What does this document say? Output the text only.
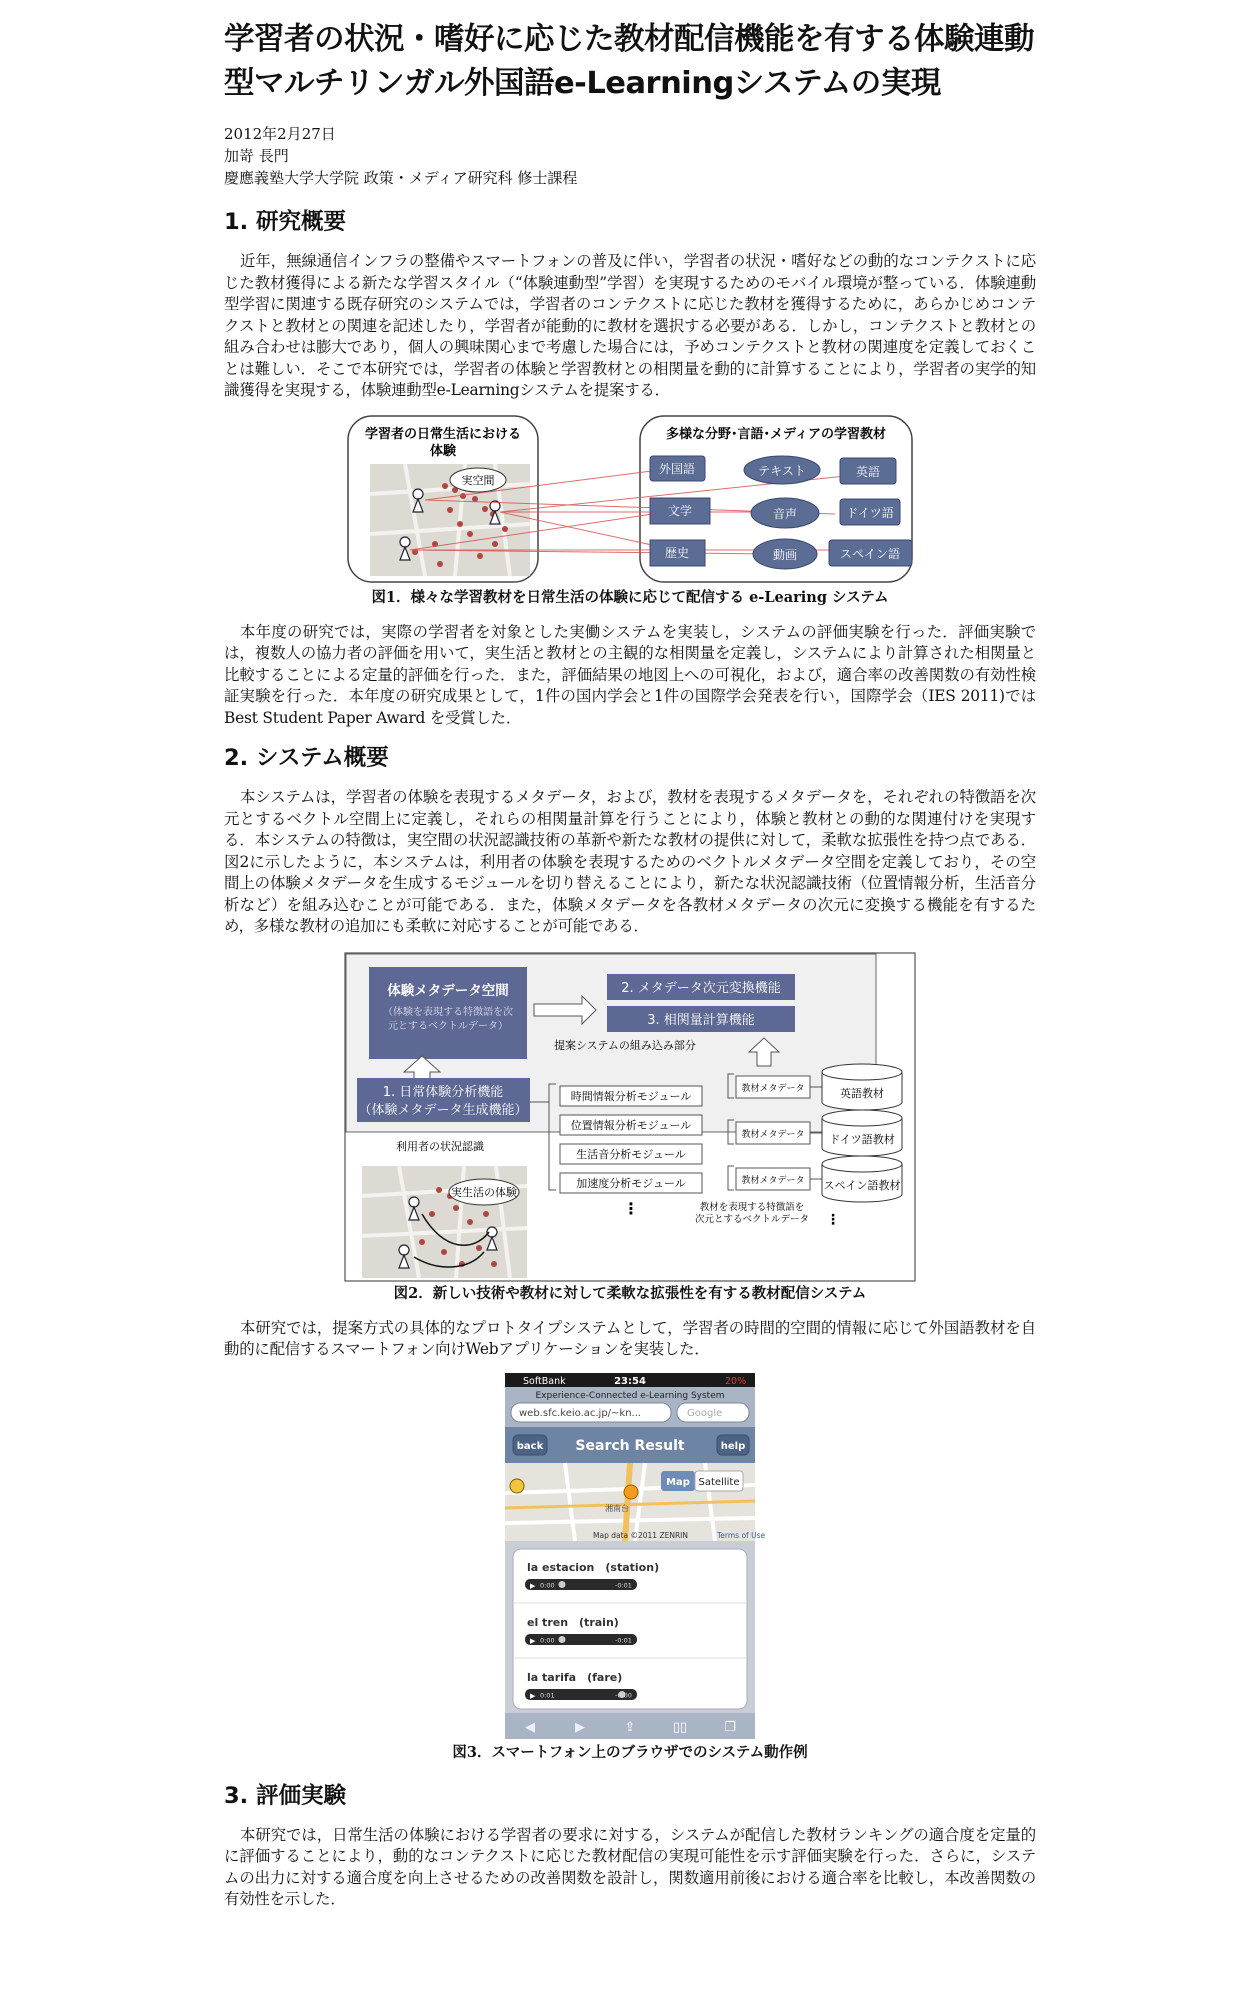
学習者の状況・嗜好に応じた教材配信機能を有する体験連動型マルチリンガル外国語e-Learningシステムの実現
2012年2月27日
加嵜 長門
慶應義塾大学大学院 政策・メディア研究科 修士課程
1. 研究概要

近年，無線通信インフラの整備やスマートフォンの普及に伴い，学習者の状況・嗜好などの動的なコンテクストに応じた教材獲得による新たな学習スタイル（“体験連動型”学習）を実現するためのモバイル環境が整っている．体験連動型学習に関連する既存研究のシステムでは，学習者のコンテクストに応じた教材を獲得するために，あらかじめコンテクストと教材との関連を記述したり，学習者が能動的に教材を選択する必要がある．しかし，コンテクストと教材との組み合わせは膨大であり，個人の興味関心まで考慮した場合には，予めコンテクストと教材の関連度を定義しておくことは難しい．そこで本研究では，学習者の体験と学習教材との相関量を動的に計算することにより，学習者の実学的知識獲得を実現する，体験連動型e-Learningシステムを提案する．

学習者の日常生活における
体験
実空間
多様な分野･言語･メディアの学習教材
外国語	テキスト	英語
文学	音声	ドイツ語
歴史	動画	スペイン語
図1．様々な学習教材を日常生活の体験に応じて配信する e-Learing システム

本年度の研究では，実際の学習者を対象とした実働システムを実装し，システムの評価実験を行った．評価実験では，複数人の協力者の評価を用いて，実生活と教材との主観的な相関量を定義し，システムにより計算された相関量と比較することによる定量的評価を行った．また，評価結果の地図上への可視化，および，適合率の改善関数の有効性検証実験を行った．本年度の研究成果として，1件の国内学会と1件の国際学会発表を行い，国際学会（IES 2011)ではBest Student Paper Award を受賞した．

2. システム概要

本システムは，学習者の体験を表現するメタデータ，および，教材を表現するメタデータを，それぞれの特徴語を次元とするベクトル空間上に定義し，それらの相関量計算を行うことにより，体験と教材との動的な関連付けを実現する．本システムの特徴は，実空間の状況認識技術の革新や新たな教材の提供に対して，柔軟な拡張性を持つ点である．図2に示したように，本システムは，利用者の体験を表現するためのベクトルメタデータ空間を定義しており，その空間上の体験メタデータを生成するモジュールを切り替えることにより，新たな状況認識技術（位置情報分析，生活音分析など）を組み込むことが可能である．また，体験メタデータを各教材メタデータの次元に変換する機能を有するため，多様な教材の追加にも柔軟に対応することが可能である．

体験メタデータ空間
（体験を表現する特徴語を次
元とするベクトルデータ）
2. メタデータ次元変換機能
3. 相関量計算機能
提案システムの組み込み部分
1. 日常体験分析機能
（体験メタデータ生成機能）
利用者の状況認識
時間情報分析モジュール
位置情報分析モジュール
生活音分析モジュール
加速度分析モジュール
⋮
教材メタデータ	英語教材
教材メタデータ ドイツ語教材
教材メタデータ スペイン語教材
教材を表現する特徴語を
次元とするベクトルデータ ⋮
実生活の体験
図2．新しい技術や教材に対して柔軟な拡張性を有する教材配信システム

本研究では，提案方式の具体的なプロトタイプシステムとして，学習者の時間的空間的情報に応じて外国語教材を自動的に配信するスマートフォン向けWebアプリケーションを実装した．

SoftBank	23:54	20%
Experience-Connected e-Learning System
web.sfc.keio.ac.jp/~kn...	Google
back Search Result	help
湘南台
Map Satellite
Map data ©2011 ZENRIN	Terms of Use
la estacion　(station)
▶ 0:00	-0:01
el tren　(train)
▶ 0:00	-0:01
la tarifa　(fare)
▶ 0:01	-0:00
◀	▶	⇪	▯▯	❐
図3．スマートフォン上のブラウザでのシステム動作例
3. 評価実験

本研究では，日常生活の体験における学習者の要求に対する，システムが配信した教材ランキングの適合度を定量的に評価することにより，動的なコンテクストに応じた教材配信の実現可能性を示す評価実験を行った．さらに，システムの出力に対する適合度を向上させるための改善関数を設計し，関数適用前後における適合率を比較し，本改善関数の有効性を示した．
